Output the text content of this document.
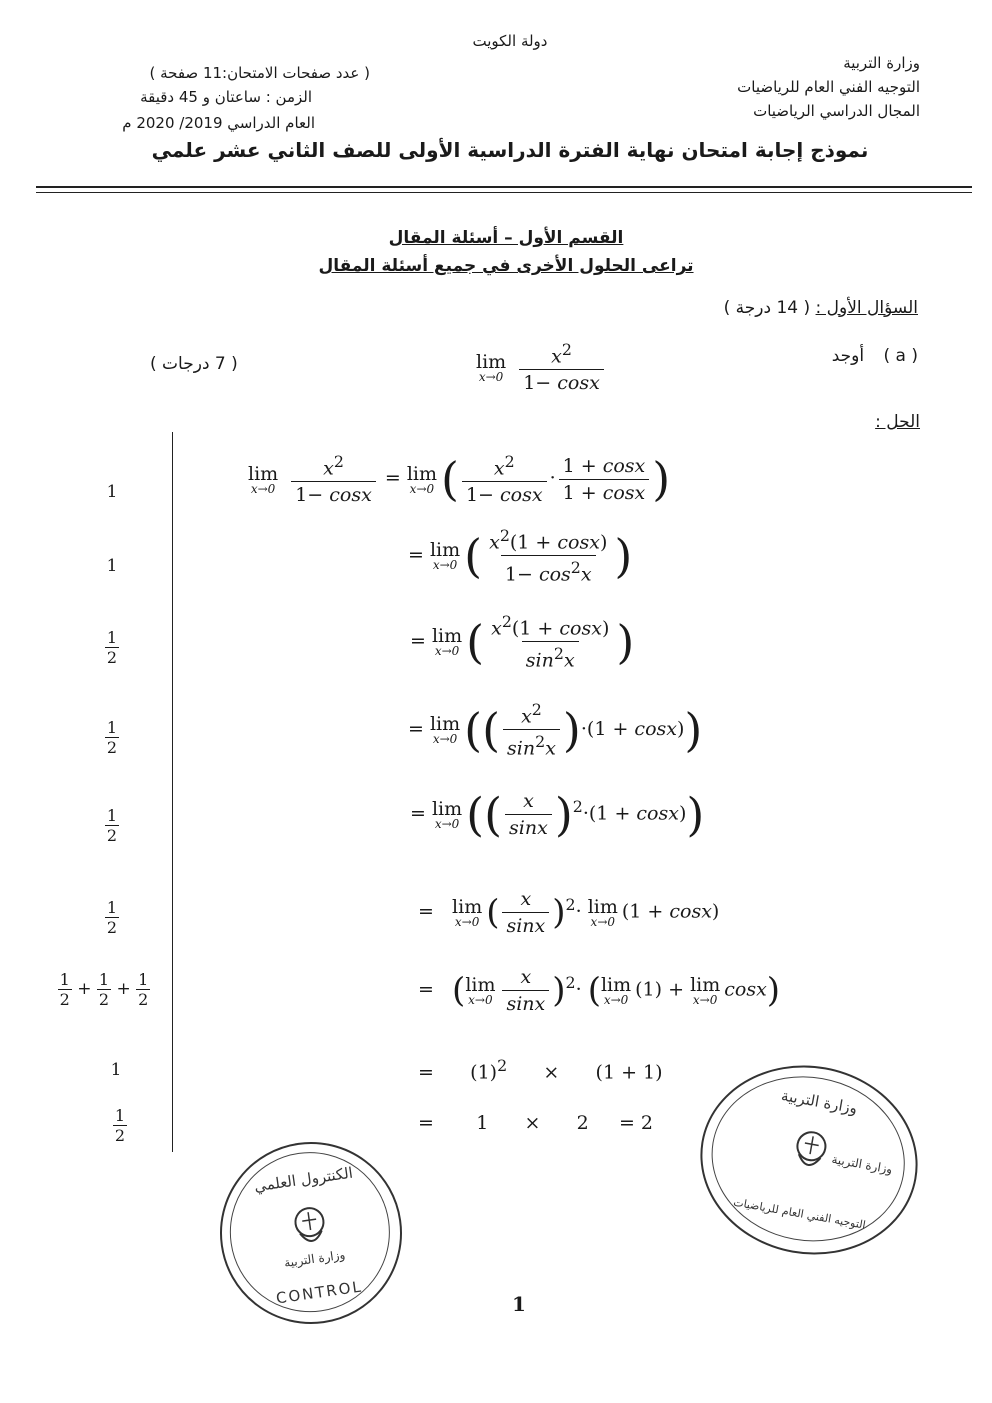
دولة الكويت
وزارة التربية
التوجيه الفني العام للرياضيات
المجال الدراسي الرياضيات
( عدد صفحات الامتحان:11 صفحة )
الزمن : ساعتان و 45 دقيقة
العام الدراسي 2019/ 2020 م
نموذج إجابة امتحان نهاية الفترة الدراسية الأولى للصف الثاني عشر علمي
القسم الأول – أسئلة المقال
تراعى الحلول الأخرى في جميع أسئلة المقال
السؤال الأول : ( 14 درجة )
( a ) أوجد
( 7 درجات )	lim
x→0
$\frac{x^2}{1- \cos x}$
الحل :
1
1
$\frac{1}{2}$
$\frac{1}{2}$
$\frac{1}{2}$
$\frac{1}{2}$
$\frac{1}{2} + \frac{1}{2} + \frac{1}{2}$
1
$\frac{1}{2}$
lim
x→0
$\frac{x^2}{1- \cos x} = \lim$
x→0 ( $\frac{x^2}{1- \cos x} \cdot \frac{1 + \cos x}{1 + \cos x}$ )
= lim
x→0 ( $\frac{x^2(1 + \cos x)}{1- \cos^2x}$ )
= lim
x→0 ( $\frac{x^2(1 + \cos x)}{\sin^2x}$ )
= lim
x→0 (( $\frac{x^2}{\sin^2x} )\cdot(1 + \cos x)$)
= lim
x→0 (( $\frac{x}{\sin x} )^2\cdot(1 + \cos x)$)
= lim
x→0 ( $\frac{x}{\sin x} )^2\cdot \lim$
x→0 (1 + cosx)
=   ( lim
$x\to 0 \frac{x}{\sin x} )^2\cdot$ ( lim
x→0 (1) + lim
x→0 cosx)
=      $(1)^2$      ×      (1 + 1)
=       1      ×      2     = 2
الكنترول العلمي
وزارة التربية
CONTROL
وزارة التربية
وزارة التربية
التوجيه الفني العام للرياضيات
1
